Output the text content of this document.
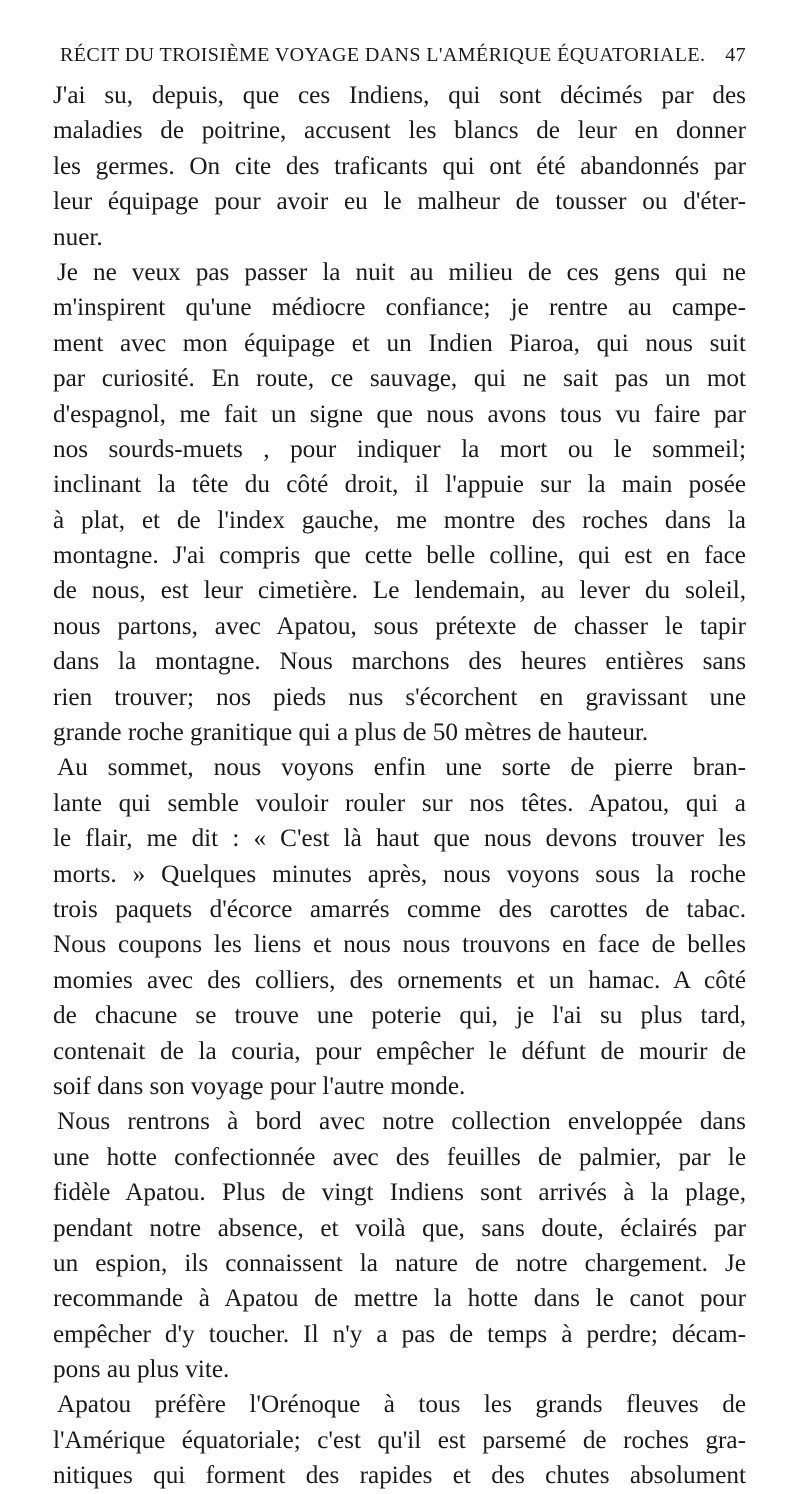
RÉCIT DU TROISIÈME VOYAGE DANS L'AMÉRIQUE ÉQUATORIALE. 47
J'ai su, depuis, que ces Indiens, qui sont décimés par des
maladies de poitrine, accusent les blancs de leur en donner
les germes. On cite des traficants qui ont été abandonnés par
leur équipage pour avoir eu le malheur de tousser ou d'éter-
nuer.
Je ne veux pas passer la nuit au milieu de ces gens qui ne
m'inspirent qu'une médiocre confiance; je rentre au campe-
ment avec mon équipage et un Indien Piaroa, qui nous suit
par curiosité. En route, ce sauvage, qui ne sait pas un mot
d'espagnol, me fait un signe que nous avons tous vu faire par
nos sourds-muets , pour indiquer la mort ou le sommeil;
inclinant la tête du côté droit, il l'appuie sur la main posée
à plat, et de l'index gauche, me montre des roches dans la
montagne. J'ai compris que cette belle colline, qui est en face
de nous, est leur cimetière. Le lendemain, au lever du soleil,
nous partons, avec Apatou, sous prétexte de chasser le tapir
dans la montagne. Nous marchons des heures entières sans
rien trouver; nos pieds nus s'écorchent en gravissant une
grande roche granitique qui a plus de 50 mètres de hauteur.
Au sommet, nous voyons enfin une sorte de pierre bran-
lante qui semble vouloir rouler sur nos têtes. Apatou, qui a
le flair, me dit : « C'est là haut que nous devons trouver les
morts. » Quelques minutes après, nous voyons sous la roche
trois paquets d'écorce amarrés comme des carottes de tabac.
Nous coupons les liens et nous nous trouvons en face de belles
momies avec des colliers, des ornements et un hamac. A côté
de chacune se trouve une poterie qui, je l'ai su plus tard,
contenait de la couria, pour empêcher le défunt de mourir de
soif dans son voyage pour l'autre monde.
Nous rentrons à bord avec notre collection enveloppée dans
une hotte confectionnée avec des feuilles de palmier, par le
fidèle Apatou. Plus de vingt Indiens sont arrivés à la plage,
pendant notre absence, et voilà que, sans doute, éclairés par
un espion, ils connaissent la nature de notre chargement. Je
recommande à Apatou de mettre la hotte dans le canot pour
empêcher d'y toucher. Il n'y a pas de temps à perdre; décam-
pons au plus vite.
Apatou préfère l'Orénoque à tous les grands fleuves de
l'Amérique équatoriale; c'est qu'il est parsemé de roches gra-
nitiques qui forment des rapides et des chutes absolument
